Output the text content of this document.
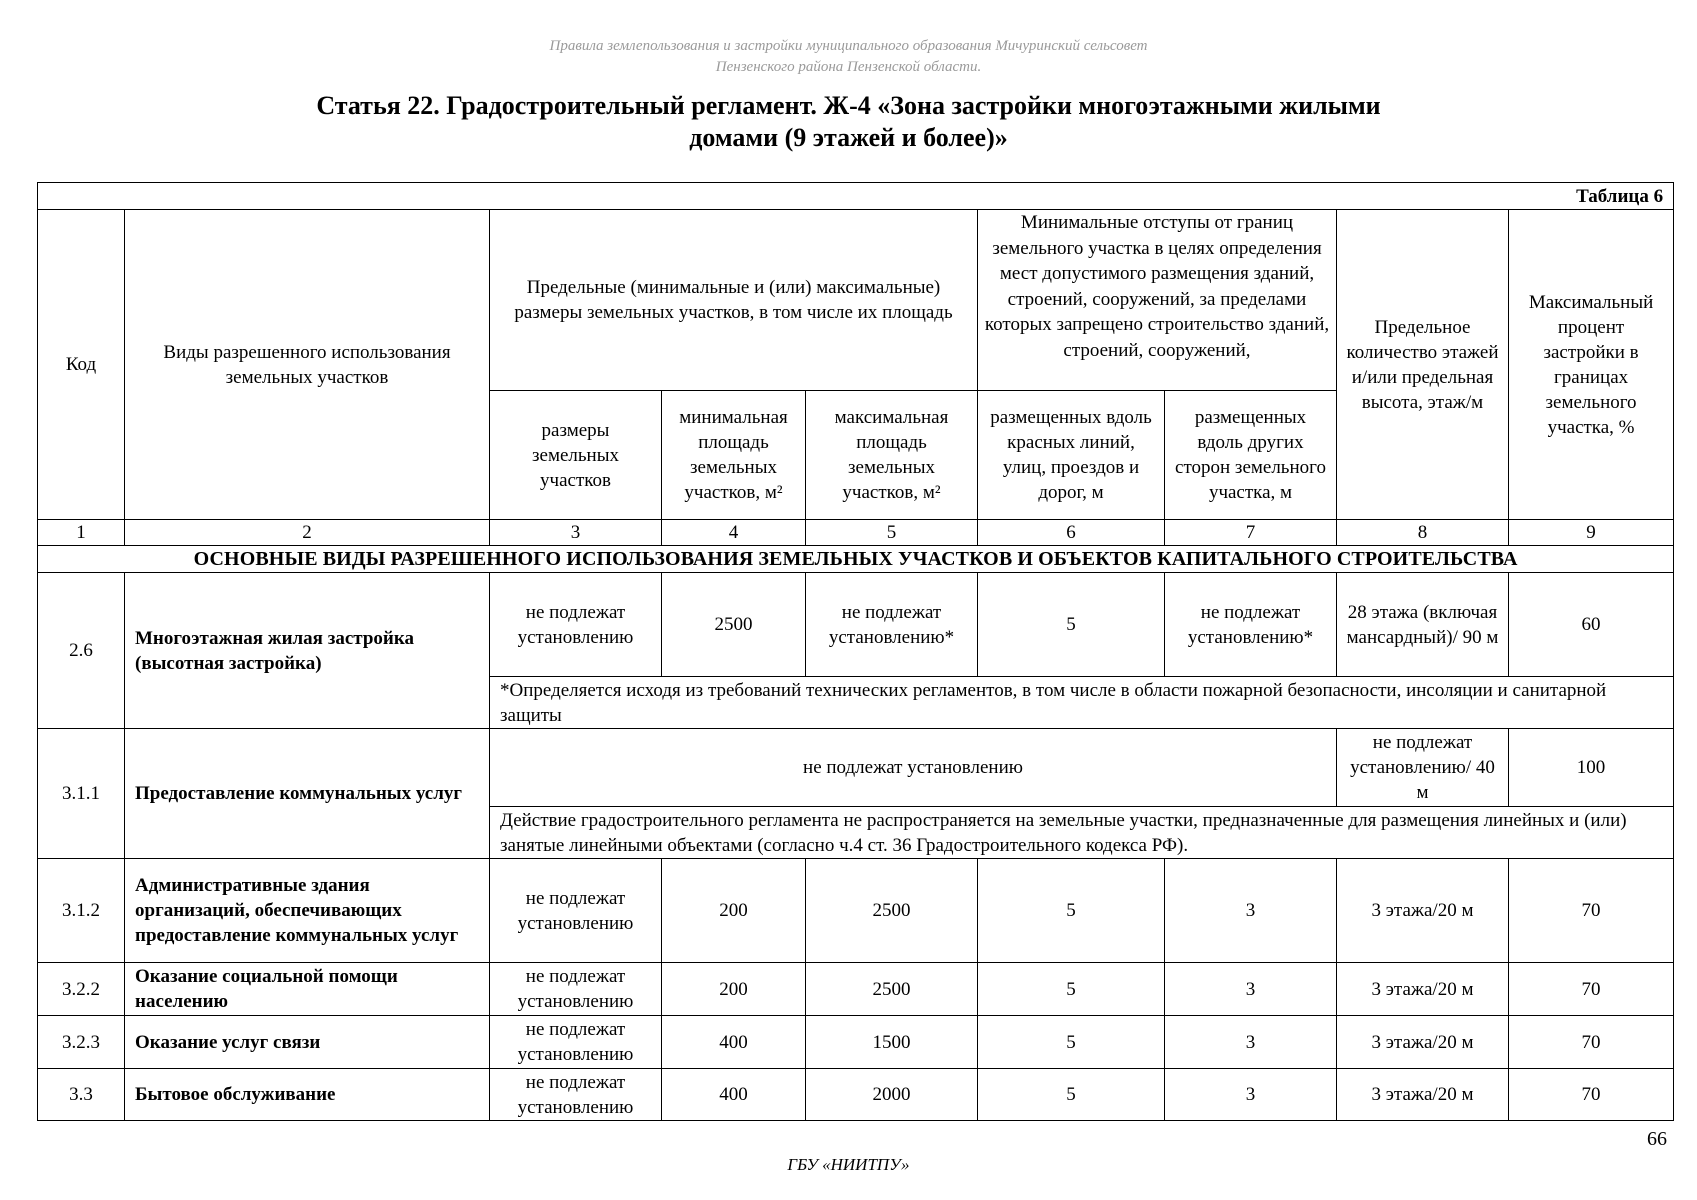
Правила землепользования и застройки муниципального образования Мичуринский сельсовет
Пензенского района Пензенской области.
Статья 22. Градостроительный регламент. Ж-4 «Зона застройки многоэтажными жилыми
домами (9 этажей и более)»
Таблица 6								
Код	Виды разрешенного использования земельных участков	Предельные (минимальные и (или) максимальные) размеры земельных участков, в том числе их площадь			Минимальные отступы от границ земельного участка в целях определения мест допустимого размещения зданий, строений, сооружений, за пределами которых запрещено строительство зданий, строений, сооружений,		Предельное количество этажей и/или предельная высота, этаж/м	Максимальный процент застройки в границах земельного участка, %
		размеры земельных участков	минимальная площадь земельных участков, м²	максимальная площадь земельных участков, м²	размещенных вдоль красных линий, улиц, проездов и дорог, м	размещенных вдоль других сторон земельного участка, м		
1	2	3	4	5	6	7	8	9
ОСНОВНЫЕ ВИДЫ РАЗРЕШЕННОГО ИСПОЛЬЗОВАНИЯ ЗЕМЕЛЬНЫХ УЧАСТКОВ И ОБЪЕКТОВ КАПИТАЛЬНОГО СТРОИТЕЛЬСТВА								
2.6	Многоэтажная жилая застройка (высотная застройка)	не подлежат установлению	2500	не подлежат установлению*	5	не подлежат установлению*	28 этажа (включая мансардный)/ 90 м	60
		*Определяется исходя из требований технических регламентов, в том числе в области пожарной безопасности, инсоляции и санитарной защиты						
3.1.1	Предоставление коммунальных услуг	не подлежат установлению					не подлежат установлению/ 40 м	100
		Действие градостроительного регламента не распространяется на земельные участки, предназначенные для размещения линейных и (или) занятые линейными объектами (согласно ч.4 ст. 36 Градостроительного кодекса РФ).						
3.1.2	Административные здания организаций, обеспечивающих предоставление коммунальных услуг	не подлежат установлению	200	2500	5	3	3 этажа/20 м	70
3.2.2	Оказание социальной помощи населению	не подлежат установлению	200	2500	5	3	3 этажа/20 м	70
3.2.3	Оказание услуг связи	не подлежат установлению	400	1500	5	3	3 этажа/20 м	70
3.3	Бытовое обслуживание	не подлежат установлению	400	2000	5	3	3 этажа/20 м	70
66
ГБУ «НИИТПУ»
